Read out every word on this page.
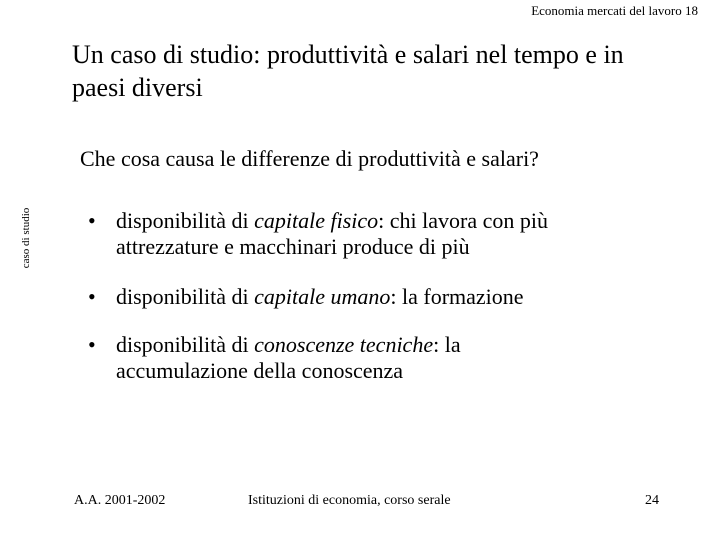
Economia mercati del lavoro 18
Un caso di studio: produttività e salari nel tempo e in
paesi diversi
caso di studio
Che cosa causa le differenze di produttività e salari?
• disponibilità di capitale fisico: chi lavora con più
attrezzature e macchinari produce di più
• disponibilità di capitale umano: la formazione
• disponibilità di conoscenze tecniche: la
accumulazione della conoscenza
A.A. 2001-2002	Istituzioni di economia, corso serale	24
